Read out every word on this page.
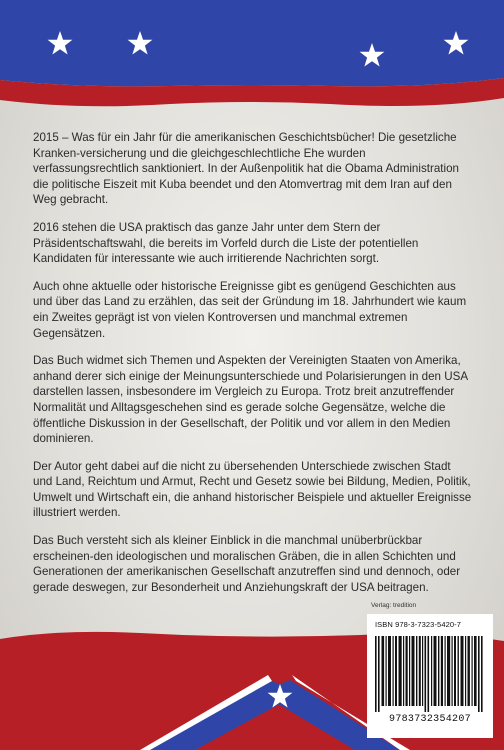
2015 – Was für ein Jahr für die amerikanischen Geschichtsbücher! Die gesetzliche Kranken-versicherung und die gleichgeschlechtliche Ehe wurden verfassungsrechtlich sanktioniert. In der Außenpolitik hat die Obama Administration die politische Eiszeit mit Kuba beendet und den Atomvertrag mit dem Iran auf den Weg gebracht.

2016 stehen die USA praktisch das ganze Jahr unter dem Stern der Präsidentschaftswahl, die bereits im Vorfeld durch die Liste der potentiellen Kandidaten für interessante wie auch irritierende Nachrichten sorgt.

Auch ohne aktuelle oder historische Ereignisse gibt es genügend Geschichten aus und über das Land zu erzählen, das seit der Gründung im 18. Jahrhundert wie kaum ein Zweites geprägt ist von vielen Kontroversen und manchmal extremen Gegensätzen.

Das Buch widmet sich Themen und Aspekten der Vereinigten Staaten von Amerika, anhand derer sich einige der Meinungsunterschiede und Polarisierungen in den USA darstellen lassen, insbesondere im Vergleich zu Europa. Trotz breit anzutreffender Normalität und Alltagsgeschehen sind es gerade solche Gegensätze, welche die öffentliche Diskussion in der Gesellschaft, der Politik und vor allem in den Medien dominieren.

Der Autor geht dabei auf die nicht zu übersehenden Unterschiede zwischen Stadt und Land, Reichtum und Armut, Recht und Gesetz sowie bei Bildung, Medien, Politik, Umwelt und Wirtschaft ein, die anhand historischer Beispiele und aktueller Ereignisse illustriert werden.

Das Buch versteht sich als kleiner Einblick in die manchmal unüberbrückbar erscheinen-den ideologischen und moralischen Gräben, die in allen Schichten und Generationen der amerikanischen Gesellschaft anzutreffen sind und dennoch, oder gerade deswegen, zur Besonderheit und Anziehungskraft der USA beitragen.

Verlag: tredition
ISBN 978-3-7323-5420-7
9783732354207
